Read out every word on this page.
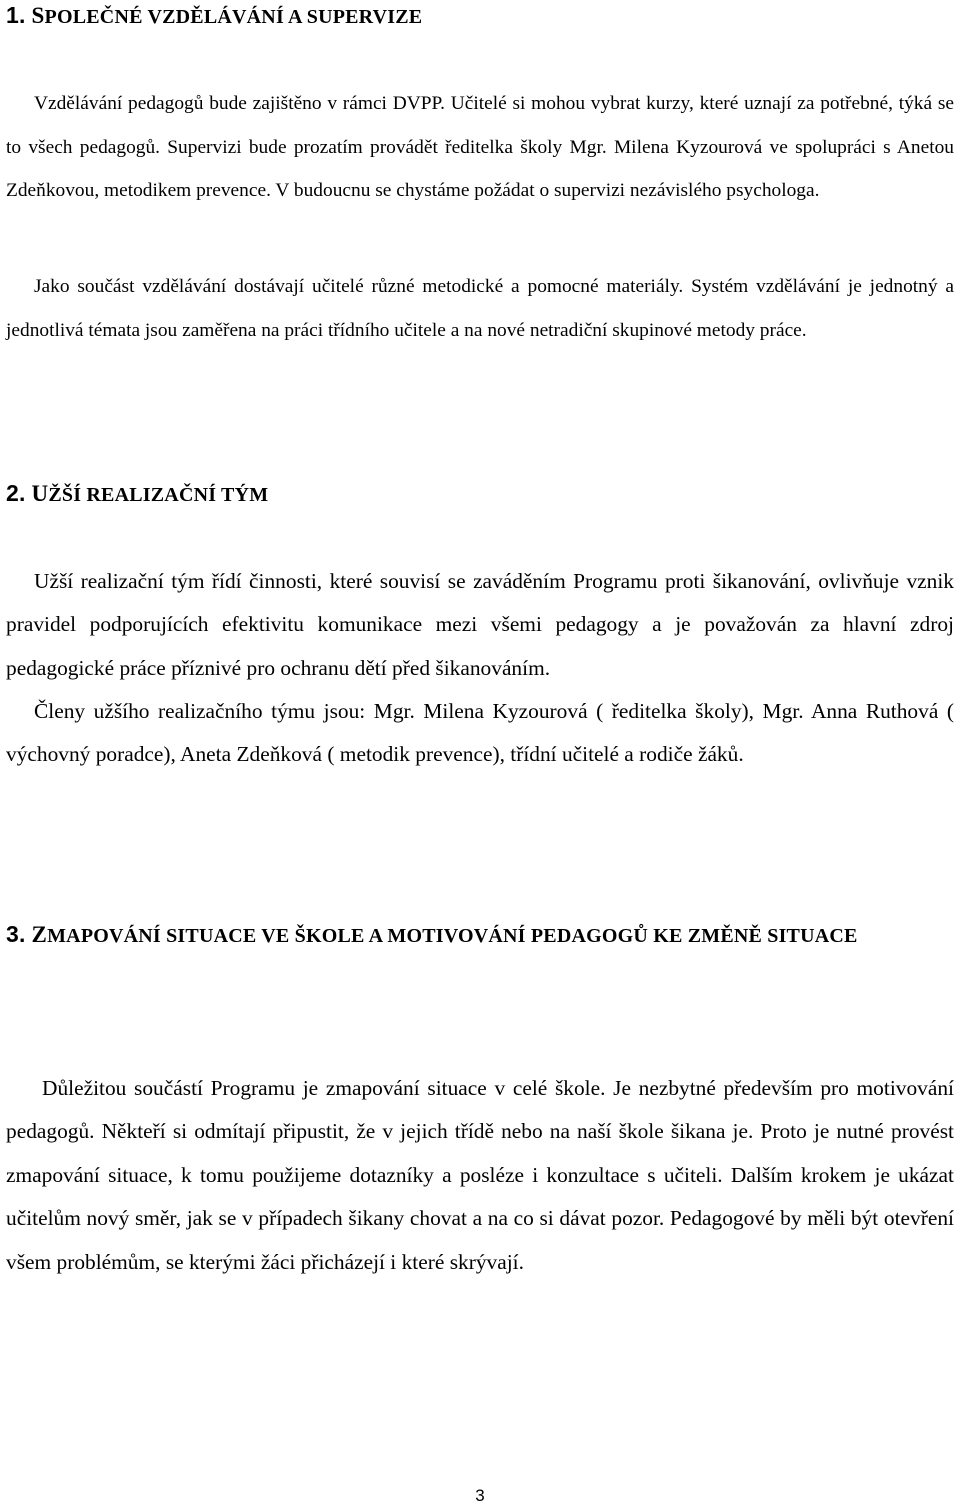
1. SPOLEČNÉ VZDĚLÁVÁNÍ A SUPERVIZE

Vzdělávání pedagogů bude zajištěno v rámci DVPP. Učitelé si mohou vybrat kurzy, které uznají za potřebné, týká se to všech pedagogů. Supervizi bude prozatím provádět ředitelka školy Mgr. Milena Kyzourová ve spolupráci s Anetou Zdeňkovou, metodikem prevence. V budoucnu se chystáme požádat o supervizi nezávislého psychologa.

Jako součást vzdělávání dostávají učitelé různé metodické a pomocné materiály. Systém vzdělávání je jednotný a jednotlivá témata jsou zaměřena na práci třídního učitele a na nové netradiční skupinové metody práce.

2. UŽŠÍ REALIZAČNÍ TÝM

Užší realizační tým řídí činnosti, které souvisí se zaváděním Programu proti šikanování, ovlivňuje vznik pravidel podporujících efektivitu komunikace mezi všemi pedagogy a je považován za hlavní zdroj pedagogické práce příznivé pro ochranu dětí před šikanováním.

Členy užšího realizačního týmu jsou: Mgr. Milena Kyzourová ( ředitelka školy), Mgr. Anna Ruthová ( výchovný poradce), Aneta Zdeňková ( metodik prevence), třídní učitelé a rodiče žáků.

3. ZMAPOVÁNÍ SITUACE VE ŠKOLE A MOTIVOVÁNÍ PEDAGOGŮ KE ZMĚNĚ SITUACE

Důležitou součástí Programu je zmapování situace v celé škole. Je nezbytné především pro motivování pedagogů. Někteří si odmítají připustit, že v jejich třídě nebo na naší škole šikana je. Proto je nutné provést zmapování situace, k tomu použijeme dotazníky a posléze i konzultace s učiteli. Dalším krokem je ukázat učitelům nový směr, jak se v případech šikany chovat a na co si dávat pozor. Pedagogové by měli být otevření všem problémům, se kterými žáci přicházejí i které skrývají.

3
